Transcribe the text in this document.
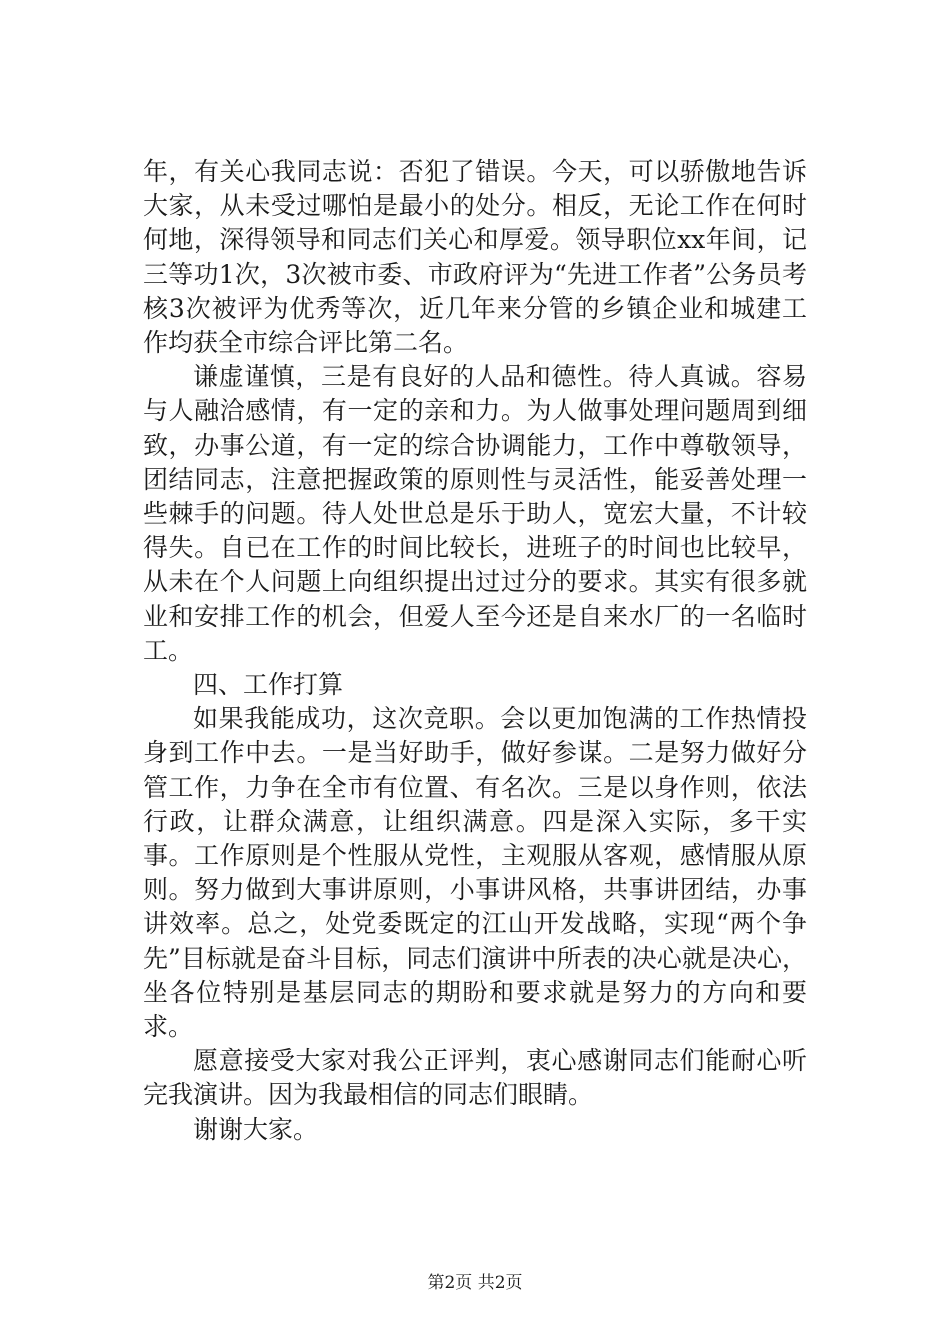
年，有关心我同志说：否犯了错误。今天，可以骄傲地告诉大家，从未受过哪怕是最小的处分。相反，无论工作在何时何地，深得领导和同志们关心和厚爱。领导职位xx年间，记三等功1次，3次被市委、市政府评为“先进工作者”公务员考核3次被评为优秀等次，近几年来分管的乡镇企业和城建工作均获全市综合评比第二名。

谦虚谨慎，三是有良好的人品和德性。待人真诚。容易与人融洽感情，有一定的亲和力。为人做事处理问题周到细致，办事公道，有一定的综合协调能力，工作中尊敬领导，团结同志，注意把握政策的原则性与灵活性，能妥善处理一些棘手的问题。待人处世总是乐于助人，宽宏大量，不计较得失。自已在工作的时间比较长，进班子的时间也比较早，从未在个人问题上向组织提出过过分的要求。其实有很多就业和安排工作的机会，但爱人至今还是自来水厂的一名临时工。

四、工作打算

如果我能成功，这次竞职。会以更加饱满的工作热情投身到工作中去。一是当好助手，做好参谋。二是努力做好分管工作，力争在全市有位置、有名次。三是以身作则，依法行政，让群众满意，让组织满意。四是深入实际，多干实事。工作原则是个性服从党性，主观服从客观，感情服从原则。努力做到大事讲原则，小事讲风格，共事讲团结，办事讲效率。总之，处党委既定的江山开发战略，实现“两个争先”目标就是奋斗目标，同志们演讲中所表的决心就是决心，坐各位特别是基层同志的期盼和要求就是努力的方向和要求。

愿意接受大家对我公正评判，衷心感谢同志们能耐心听完我演讲。因为我最相信的同志们眼睛。

谢谢大家。

第2页 共2页
